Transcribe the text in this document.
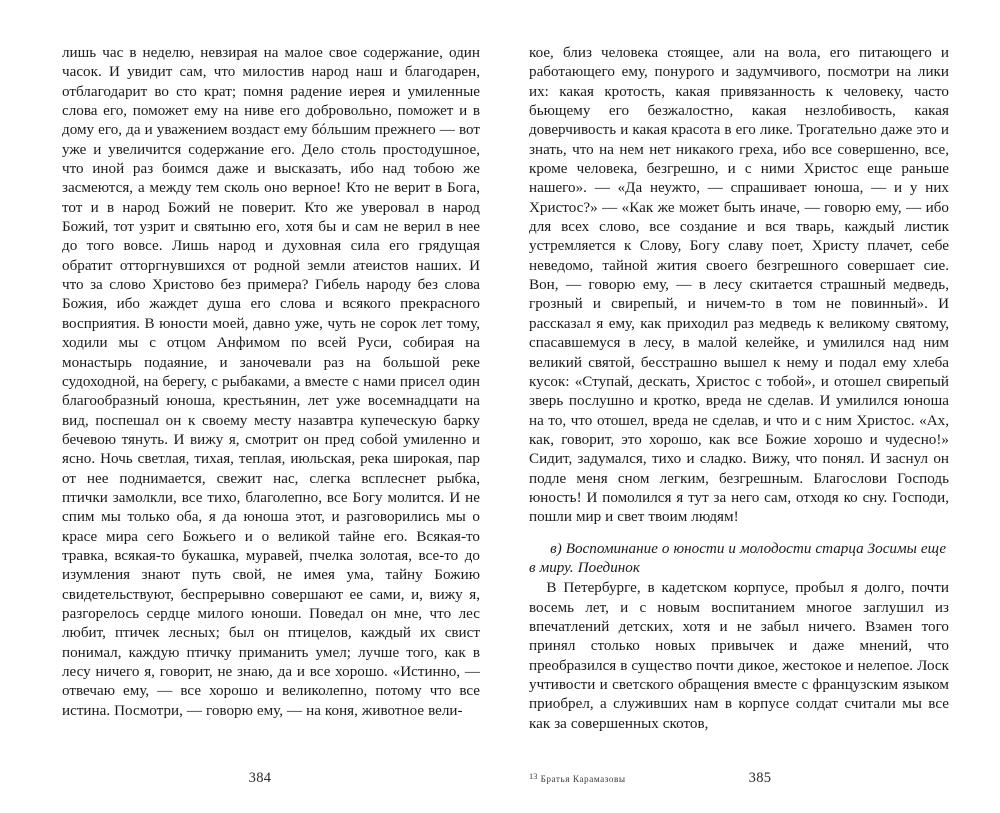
лишь час в неделю, невзирая на малое свое содержание, один часок. И увидит сам, что милостив народ наш и благодарен, отблагодарит во сто крат; помня радение иерея и умиленные слова его, поможет ему на ниве его добровольно, поможет и в дому его, да и уважением воздаст ему бóльшим прежнего — вот уже и увеличится содержание его. Дело столь простодушное, что иной раз боимся даже и высказать, ибо над тобою же засмеются, а между тем сколь оно верное! Кто не верит в Бога, тот и в народ Божий не поверит. Кто же уверовал в народ Божий, тот узрит и святыню его, хотя бы и сам не верил в нее до того вовсе. Лишь народ и духовная сила его грядущая обратит отторгнувшихся от родной земли атеистов наших. И что за слово Христово без примера? Гибель народу без слова Божия, ибо жаждет душа его слова и всякого прекрасного восприятия. В юности моей, давно уже, чуть не сорок лет тому, ходили мы с отцом Анфимом по всей Руси, собирая на монастырь подаяние, и заночевали раз на большой реке судоходной, на берегу, с рыбаками, а вместе с нами присел один благообразный юноша, крестьянин, лет уже восемнадцати на вид, поспешал он к своему месту назавтра купеческую барку бечевою тянуть. И вижу я, смотрит он пред собой умиленно и ясно. Ночь светлая, тихая, теплая, июльская, река широкая, пар от нее поднимается, свежит нас, слегка всплеснет рыбка, птички замолкли, все тихо, благолепно, все Богу молится. И не спим мы только оба, я да юноша этот, и разговорились мы о красе мира сего Божьего и о великой тайне его. Всякая-то травка, всякая-то букашка, муравей, пчелка золотая, все-то до изумления знают путь свой, не имея ума, тайну Божию свидетельствуют, беспрерывно совершают ее сами, и, вижу я, разгорелось сердце милого юноши. Поведал он мне, что лес любит, птичек лесных; был он птицелов, каждый их свист понимал, каждую птичку приманить умел; лучше того, как в лесу ничего я, говорит, не знаю, да и все хорошо. «Истинно, — отвечаю ему, — все хорошо и великолепно, потому что все истина. Посмотри, — говорю ему, — на коня, животное вели-

384

кое, близ человека стоящее, али на вола, его питающего и работающего ему, понурого и задумчивого, посмотри на лики их: какая кротость, какая привязанность к человеку, часто бьющему его безжалостно, какая незлобивость, какая доверчивость и какая красота в его лике. Трогательно даже это и знать, что на нем нет никакого греха, ибо все совершенно, все, кроме человека, безгрешно, и с ними Христос еще раньше нашего». — «Да неужто, — спрашивает юноша, — и у них Христос?» — «Как же может быть иначе, — говорю ему, — ибо для всех слово, все создание и вся тварь, каждый листик устремляется к Слову, Богу славу поет, Христу плачет, себе неведомо, тайной жития своего безгрешного совершает сие. Вон, — говорю ему, — в лесу скитается страшный медведь, грозный и свирепый, и ничем-то в том не повинный». И рассказал я ему, как приходил раз медведь к великому святому, спасавшемуся в лесу, в малой келейке, и умилился над ним великий святой, бесстрашно вышел к нему и подал ему хлеба кусок: «Ступай, дескать, Христос с тобой», и отошел свирепый зверь послушно и кротко, вреда не сделав. И умилился юноша на то, что отошел, вреда не сделав, и что и с ним Христос. «Ах, как, говорит, это хорошо, как все Божие хорошо и чудесно!» Сидит, задумался, тихо и сладко. Вижу, что понял. И заснул он подле меня сном легким, безгрешным. Благослови Господь юность! И помолился я тут за него сам, отходя ко сну. Господи, пошли мир и свет твоим людям!

в) Воспоминание о юности и молодости старца Зосимы еще в миру. Поединок

В Петербурге, в кадетском корпусе, пробыл я долго, почти восемь лет, и с новым воспитанием многое заглушил из впечатлений детских, хотя и не забыл ничего. Взамен того принял столько новых привычек и даже мнений, что преобразился в существо почти дикое, жестокое и нелепое. Лоск учтивости и светского обращения вместе с французским языком приобрел, а служивших нам в корпусе солдат считали мы все как за совершенных скотов,

13 Братья Карамазовы	385
